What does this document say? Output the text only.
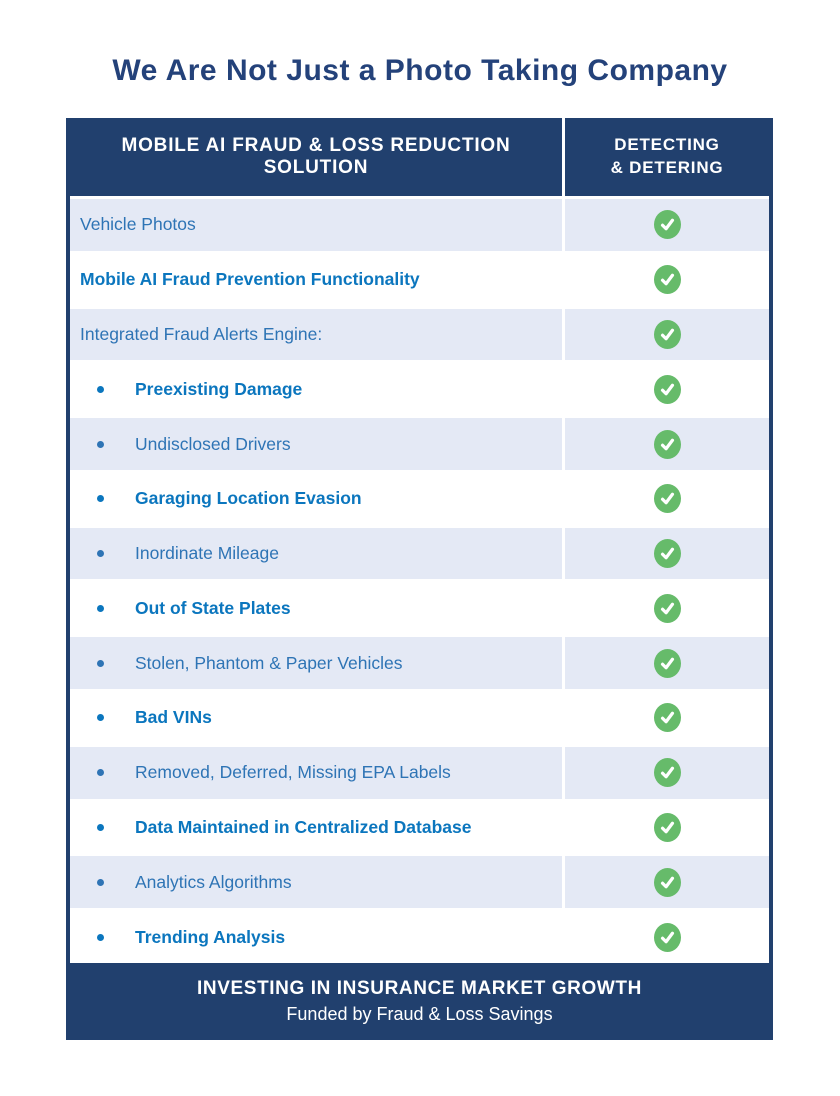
We Are Not Just a Photo Taking Company
MOBILE AI FRAUD & LOSS REDUCTION SOLUTION
DETECTING
& DETERING
Vehicle Photos
Mobile AI Fraud Prevention Functionality
Integrated Fraud Alerts Engine:
Preexisting Damage
Undisclosed Drivers
Garaging Location Evasion
Inordinate Mileage
Out of State Plates
Stolen, Phantom & Paper Vehicles
Bad VINs
Removed, Deferred, Missing EPA Labels
Data Maintained in Centralized Database
Analytics Algorithms
Trending Analysis
INVESTING IN INSURANCE MARKET GROWTH
Funded by Fraud & Loss Savings
